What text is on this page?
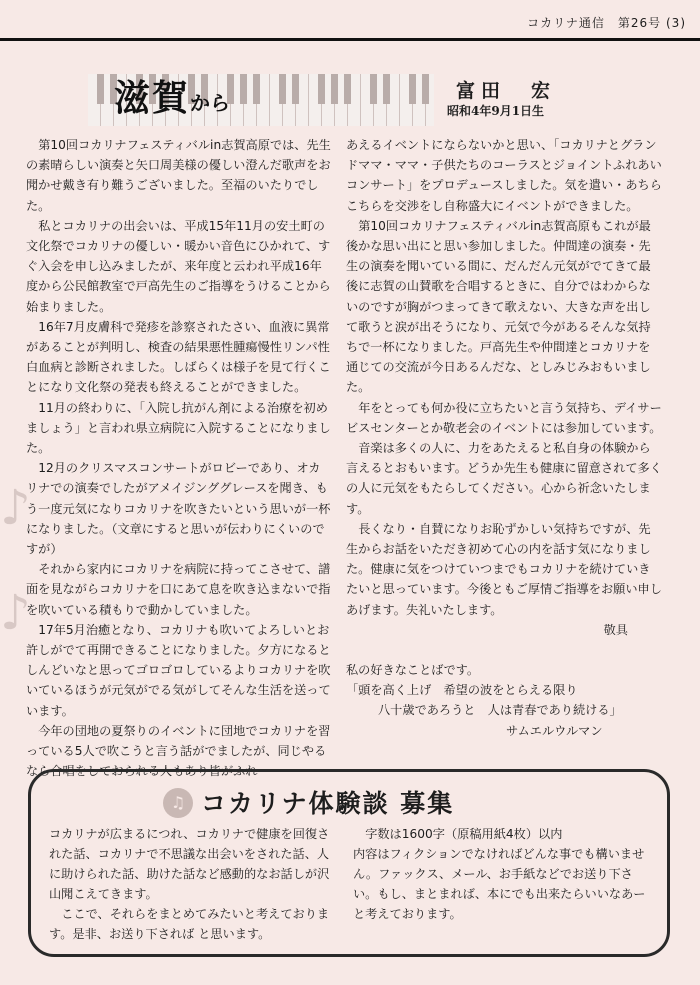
コカリナ通信　第26号 (3)
滋賀から	富田　宏
昭和4年9月1日生
♪
♪

第10回コカリナフェスティバルin志賀高原では、先生の素晴らしい演奏と矢口周美様の優しい澄んだ歌声をお聞かせ戴き有り難うございました。至福のいたりでした。

私とコカリナの出会いは、平成15年11月の安土町の文化祭でコカリナの優しい・暖かい音色にひかれて、すぐ入会を申し込みましたが、来年度と云われ平成16年度から公民館教室で戸高先生のご指導をうけることから始まりました。

16年7月皮膚科で発疹を診察されたさい、血液に異常があることが判明し、検査の結果悪性腫瘍慢性リンパ性白血病と診断されました。しばらくは様子を見て行くことになり文化祭の発表も終えることができました。

11月の終わりに、「入院し抗がん剤による治療を初めましょう」と言われ県立病院に入院することになりました。

12月のクリスマスコンサートがロビーであり、オカリナでの演奏でしたがアメイジンググレースを聞き、もう一度元気になりコカリナを吹きたいという思いが一杯になりました。（文章にすると思いが伝わりにくいのですが）

それから家内にコカリナを病院に持ってこさせて、譜面を見ながらコカリナを口にあて息を吹き込まないで指を吹いている積もりで動かしていました。

17年5月治癒となり、コカリナも吹いてよろしいとお許しがでて再開できることになりました。夕方になるとしんどいなと思ってゴロゴロしているよりコカリナを吹いているほうが元気がでる気がしてそんな生活を送っています。

今年の団地の夏祭りのイベントに団地でコカリナを習っている5人で吹こうと言う話がでましたが、同じやるなら合唱をしておられる人もあり皆がふれ

あえるイベントにならないかと思い、「コカリナとグランドママ・ママ・子供たちのコーラスとジョイントふれあいコンサート」をプロデュースしました。気を遣い・あちらこちらを交渉をし自称盛大にイベントができました。

第10回コカリナフェスティバルin志賀高原もこれが最後かな思い出にと思い参加しました。仲間達の演奏・先生の演奏を聞いている間に、だんだん元気がでてきて最後に志賀の山賛歌を合唱するときに、自分ではわからないのですが胸がつまってきて歌えない、大きな声を出して歌うと涙が出そうになり、元気で今があるそんな気持ちで一杯になりました。戸高先生や仲間達とコカリナを通じての交流が今日あるんだな、としみじみおもいました。

年をとっても何か役に立ちたいと言う気持ち、デイサービスセンターとか敬老会のイベントには参加しています。

音楽は多くの人に、力をあたえると私自身の体験から言えるとおもいます。どうか先生も健康に留意されて多くの人に元気をもたらしてください。心から祈念いたします。

長くなり・自賛になりお恥ずかしい気持ちですが、先生からお話をいただき初めて心の内を話す気になりました。健康に気をつけていつまでもコカリナを続けていきたいと思っています。今後ともご厚情ご指導をお願い申しあげます。失礼いたします。

敬具

私の好きなことばです。

「頭を高く上げ　希望の波をとらえる限り

八十歳であろうと　人は青春であり続ける」

サムエルウルマン

♫ コカリナ体験談 募集

コカリナが広まるにつれ、コカリナで健康を回復された話、コカリナで不思議な出会いをされた話、人に助けられた話、助けた話など感動的なお話しが沢山聞こえてきます。

ここで、それらをまとめてみたいと考えております。是非、お送り下されば と思います。

字数は1600字（原稿用紙4枚）以内

内容はフィクションでなければどんな事でも構いません。ファックス、メール、お手紙などでお送り下さい。もし、まとまれば、本にでも出来たらいいなあーと考えております。
